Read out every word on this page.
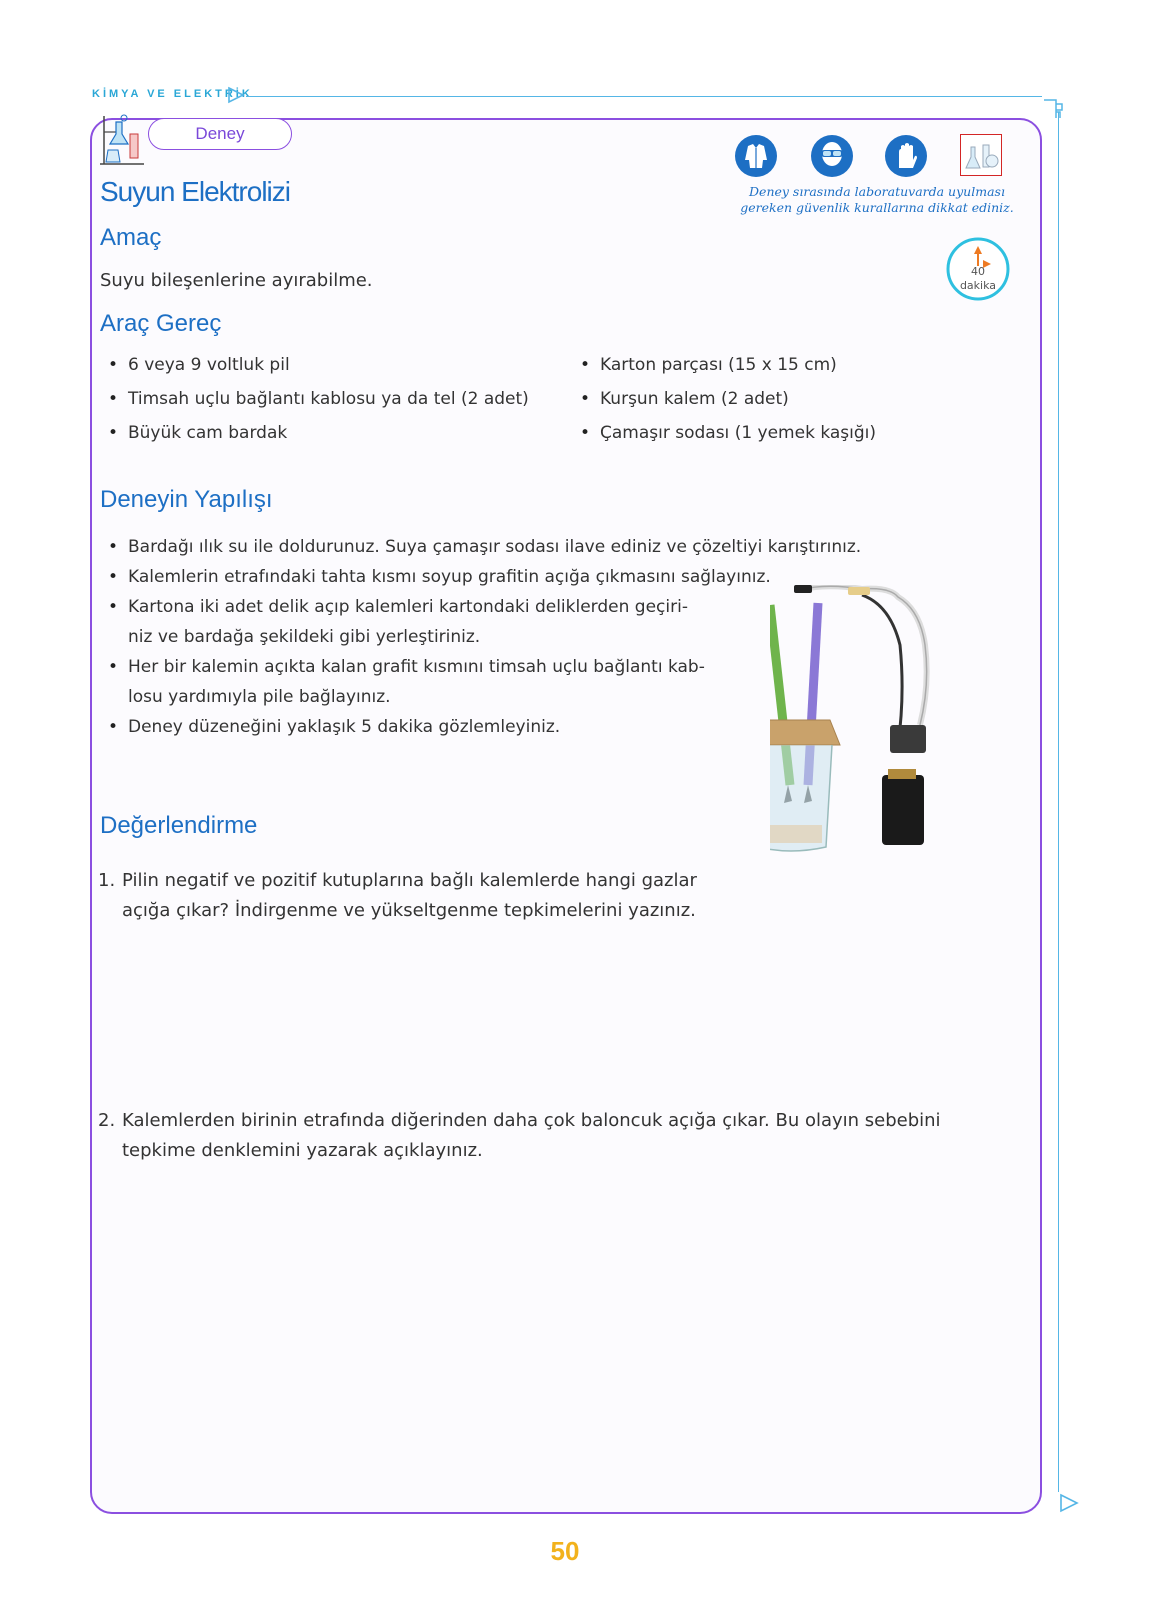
KİMYA VE ELEKTRİK
Deney
Suyun Elektrolizi	Deney sırasında laboratuvarda uyulması
gereken güvenlik kurallarına dikkat ediniz.
40
dakika
Amaç
Suyu bileşenlerine ayırabilme.
Araç Gereç
• 6 veya 9 voltluk pil
• Timsah uçlu bağlantı kablosu ya da tel (2 adet)
• Büyük cam bardak
• Karton parçası (15 x 15 cm)
• Kurşun kalem (2 adet)
• Çamaşır sodası (1 yemek kaşığı)
Deneyin Yapılışı
• Bardağı ılık su ile doldurunuz. Suya çamaşır sodası ilave ediniz ve çözeltiyi karıştırınız.
• Kalemlerin etrafındaki tahta kısmı soyup grafitin açığa çıkmasını sağlayınız.
• Kartona iki adet delik açıp kalemleri kartondaki deliklerden geçiri-
niz ve bardağa şekildeki gibi yerleştiriniz.
• Her bir kalemin açıkta kalan grafit kısmını timsah uçlu bağlantı kab-
losu yardımıyla pile bağlayınız.
• Deney düzeneğini yaklaşık 5 dakika gözlemleyiniz.
Değerlendirme
1. Pilin negatif ve pozitif kutuplarına bağlı kalemlerde hangi gazlar
açığa çıkar? İndirgenme ve yükseltgenme tepkimelerini yazınız.
2. Kalemlerden birinin etrafında diğerinden daha çok baloncuk açığa çıkar. Bu olayın sebebini
tepkime denklemini yazarak açıklayınız.
50
